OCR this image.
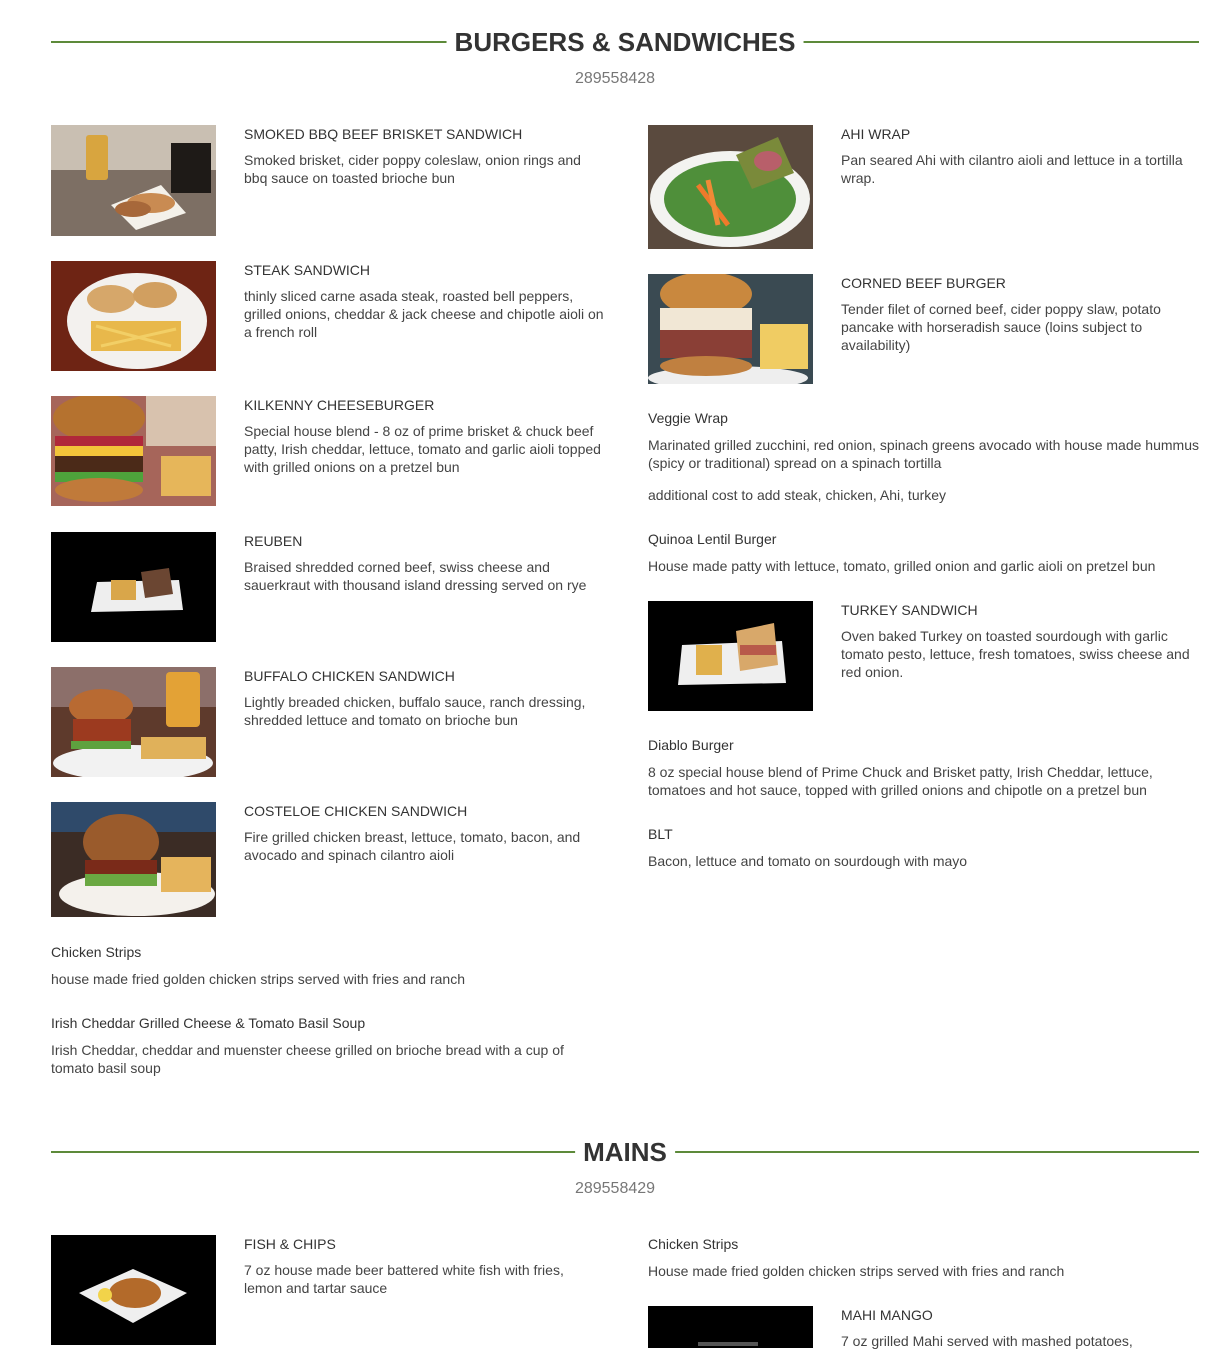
BURGERS & SANDWICHES
289558428
SMOKED BBQ BEEF BRISKET SANDWICH
Smoked brisket, cider poppy coleslaw, onion rings and bbq sauce on toasted brioche bun
STEAK SANDWICH
thinly sliced carne asada steak, roasted bell peppers, grilled onions, cheddar & jack cheese and chipotle aioli on a french roll
KILKENNY CHEESEBURGER
Special house blend - 8 oz of prime brisket & chuck beef patty, Irish cheddar, lettuce, tomato and garlic aioli topped with grilled onions on a pretzel bun
REUBEN
Braised shredded corned beef, swiss cheese and sauerkraut with thousand island dressing served on rye
BUFFALO CHICKEN SANDWICH
Lightly breaded chicken, buffalo sauce, ranch dressing, shredded lettuce and tomato on brioche bun
COSTELOE CHICKEN SANDWICH
Fire grilled chicken breast, lettuce, tomato, bacon, and avocado and spinach cilantro aioli
Chicken Strips
house made fried golden chicken strips served with fries and ranch
Irish Cheddar Grilled Cheese & Tomato Basil Soup
Irish Cheddar, cheddar and muenster cheese grilled on brioche bread with a cup of tomato basil soup
AHI WRAP
Pan seared Ahi with cilantro aioli and lettuce in a tortilla wrap.
CORNED BEEF BURGER
Tender filet of corned beef, cider poppy slaw, potato pancake with horseradish sauce (loins subject to availability)
Veggie Wrap
Marinated grilled zucchini, red onion, spinach greens avocado with house made hummus (spicy or traditional) spread on a spinach tortilla
additional cost to add steak, chicken, Ahi, turkey
Quinoa Lentil Burger
House made patty with lettuce, tomato, grilled onion and garlic aioli on pretzel bun
TURKEY SANDWICH
Oven baked Turkey on toasted sourdough with garlic tomato pesto, lettuce, fresh tomatoes, swiss cheese and red onion.
Diablo Burger
8 oz special house blend of Prime Chuck and Brisket patty, Irish Cheddar, lettuce, tomatoes and hot sauce, topped with grilled onions and chipotle on a pretzel bun
BLT
Bacon, lettuce and tomato on sourdough with mayo
MAINS
289558429
FISH & CHIPS
7 oz house made beer battered white fish with fries, lemon and tartar sauce
Chicken Strips
House made fried golden chicken strips served with fries and ranch
MAHI MANGO
7 oz grilled Mahi served with mashed potatoes,
